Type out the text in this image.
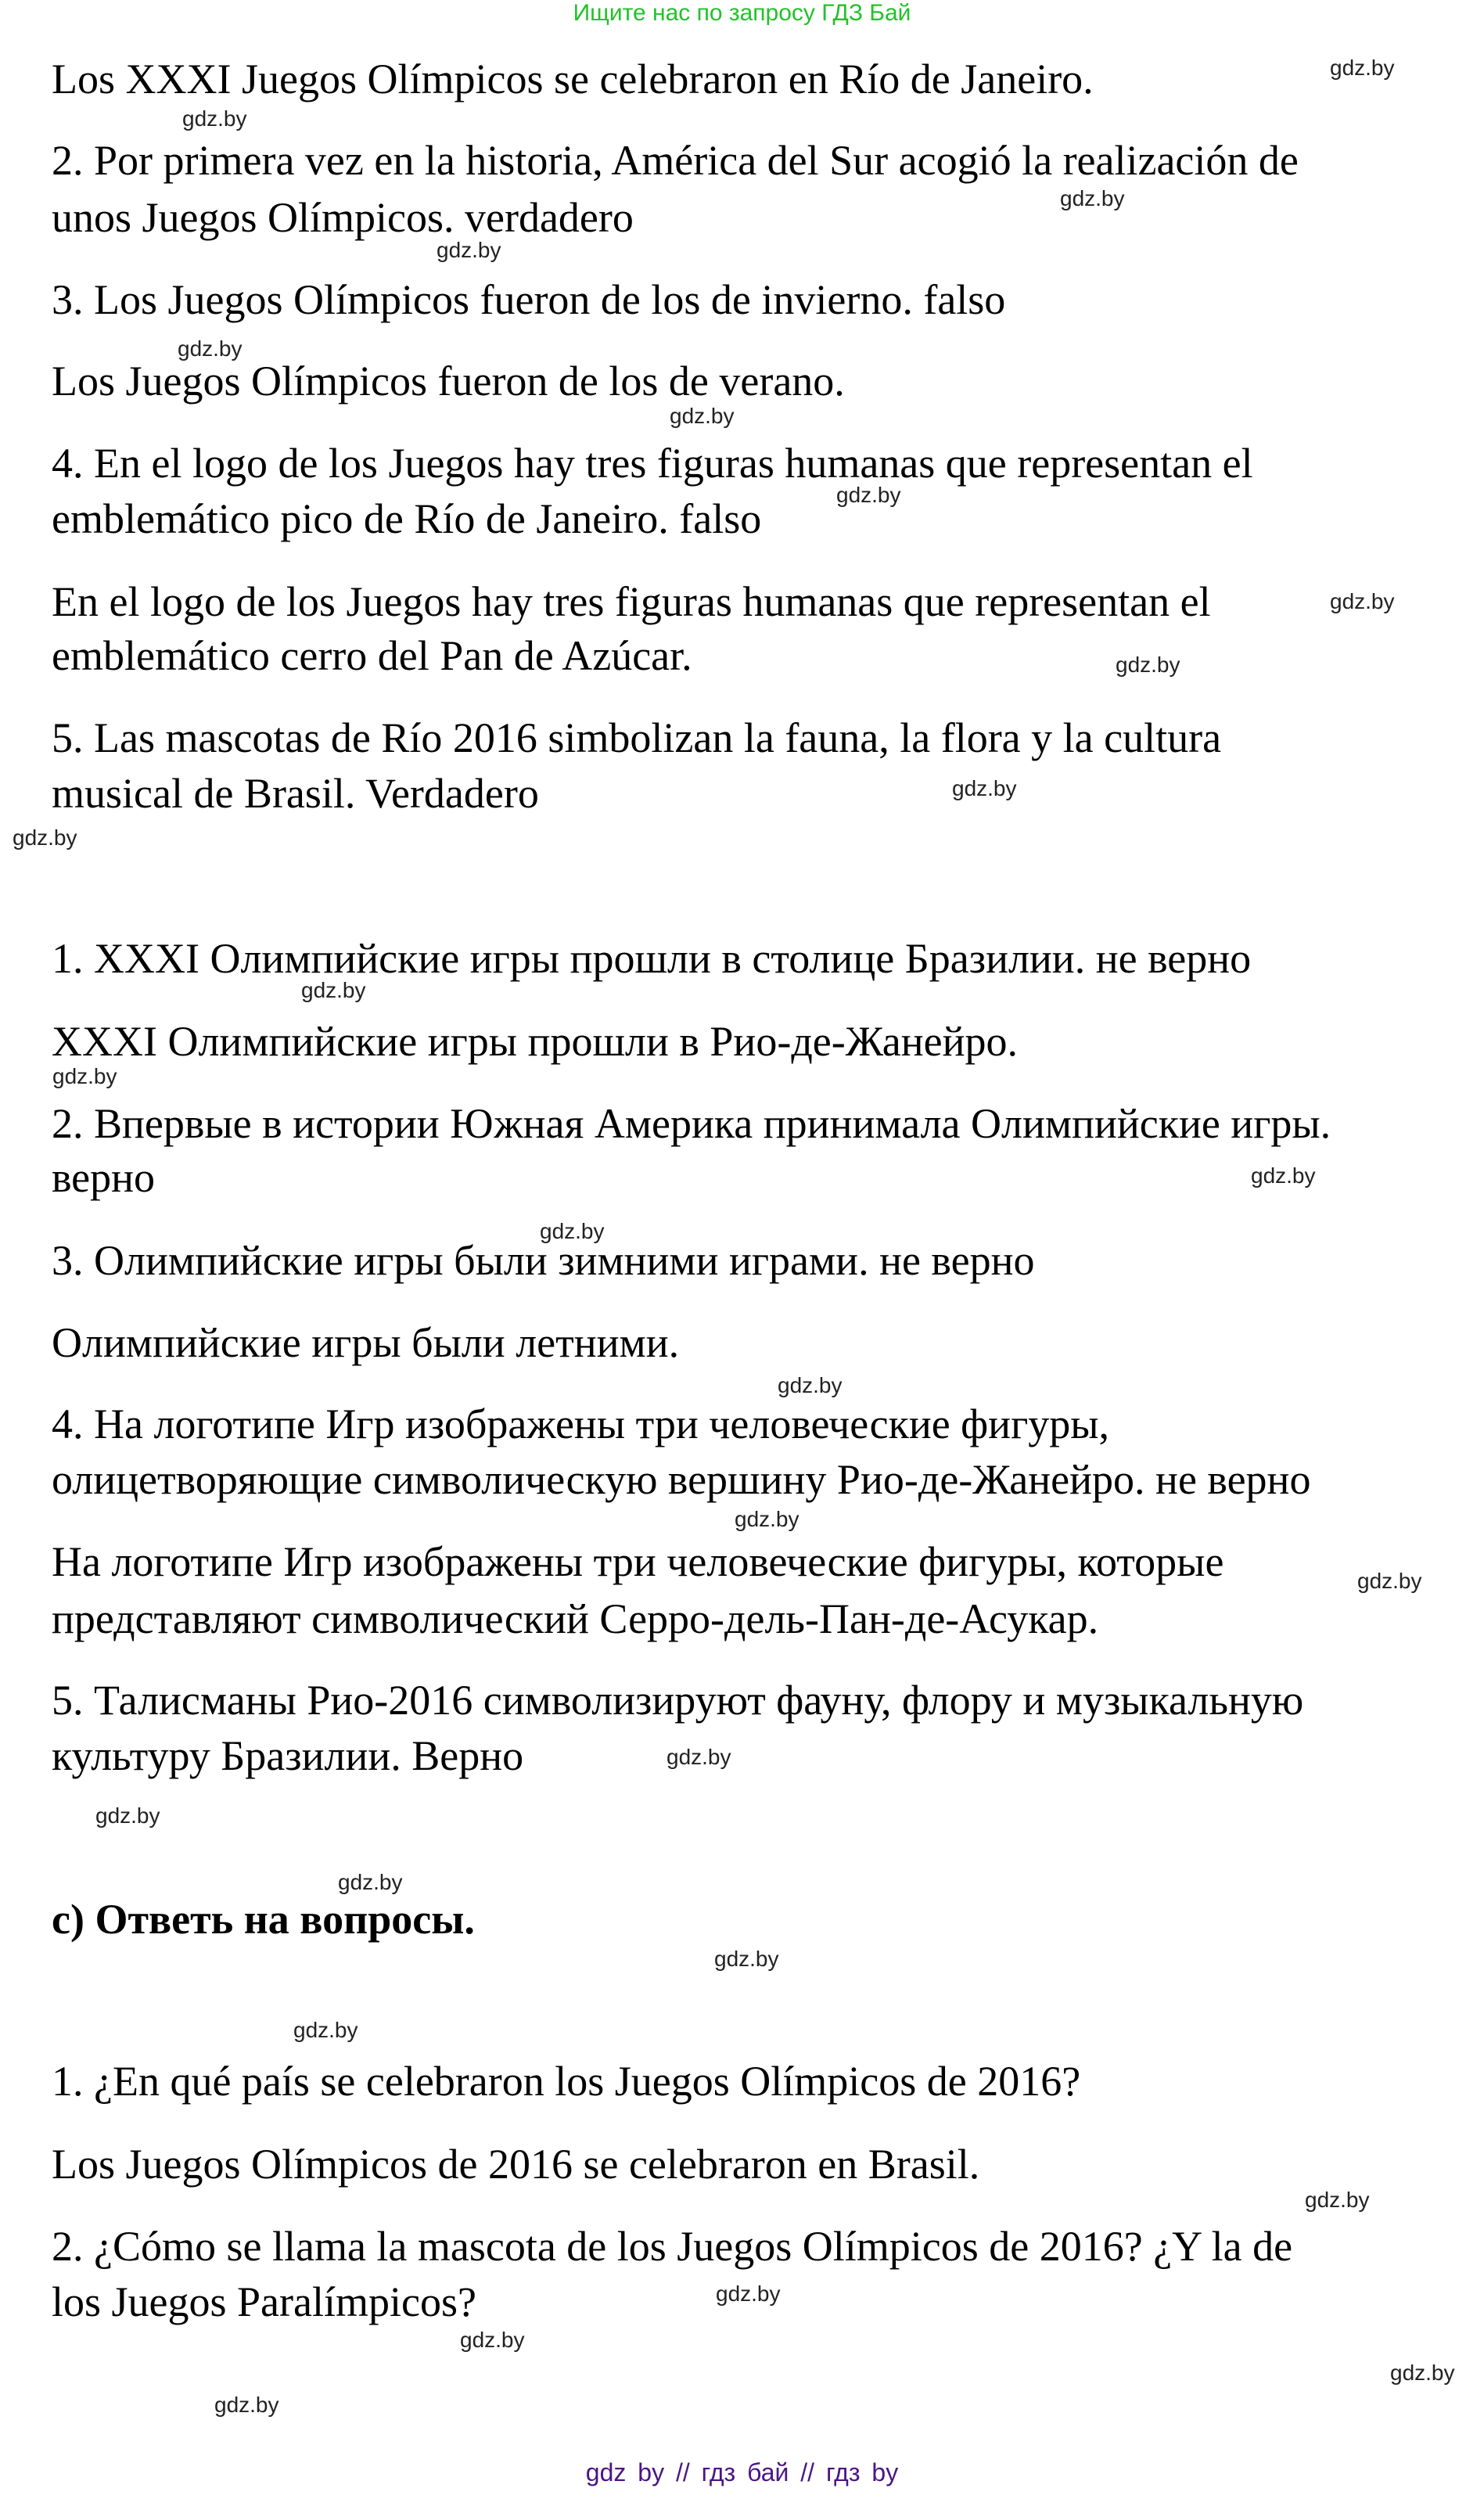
Ищите нас по запросу ГДЗ Бай
Los XXXI Juegos Olímpicos se celebraron en Río de Janeiro.
2. Por primera vez en la historia, América del Sur acogió la realización de
unos Juegos Olímpicos. verdadero
3. Los Juegos Olímpicos fueron de los de invierno. falso
Los Juegos Olímpicos fueron de los de verano.
4. En el logo de los Juegos hay tres figuras humanas que representan el
emblemático pico de Río de Janeiro. falso
En el logo de los Juegos hay tres figuras humanas que representan el
emblemático cerro del Pan de Azúcar.
5. Las mascotas de Río 2016 simbolizan la fauna, la flora y la cultura
musical de Brasil. Verdadero
1. XXXI Олимпийские игры прошли в столице Бразилии. не верно
XXXI Олимпийские игры прошли в Рио-де-Жанейро.
2. Впервые в истории Южная Америка принимала Олимпийские игры.
верно
3. Олимпийские игры были зимними играми. не верно
Олимпийские игры были летними.
4. На логотипе Игр изображены три человеческие фигуры,
олицетворяющие символическую вершину Рио-де-Жанейро. не верно
На логотипе Игр изображены три человеческие фигуры, которые
представляют символический Серро-дель-Пан-де-Асукар.
5. Талисманы Рио-2016 символизируют фауну, флору и музыкальную
культуру Бразилии. Верно
c) Ответь на вопросы.
1. ¿En qué país se celebraron los Juegos Olímpicos de 2016?
Los Juegos Olímpicos de 2016 se celebraron en Brasil.
2. ¿Cómo se llama la mascota de los Juegos Olímpicos de 2016? ¿Y la de
los Juegos Paralímpicos?
gdz.by
gdz.by
gdz.by
gdz.by
gdz.by
gdz.by
gdz.by
gdz.by
gdz.by
gdz.by
gdz.by
gdz.by
gdz.by
gdz.by
gdz.by
gdz.by
gdz.by
gdz.by
gdz.by
gdz.by
gdz.by
gdz.by
gdz.by
gdz.by
gdz.by
gdz.by
gdz.by
gdz.by
gdz by // гдз бай // гдз by
